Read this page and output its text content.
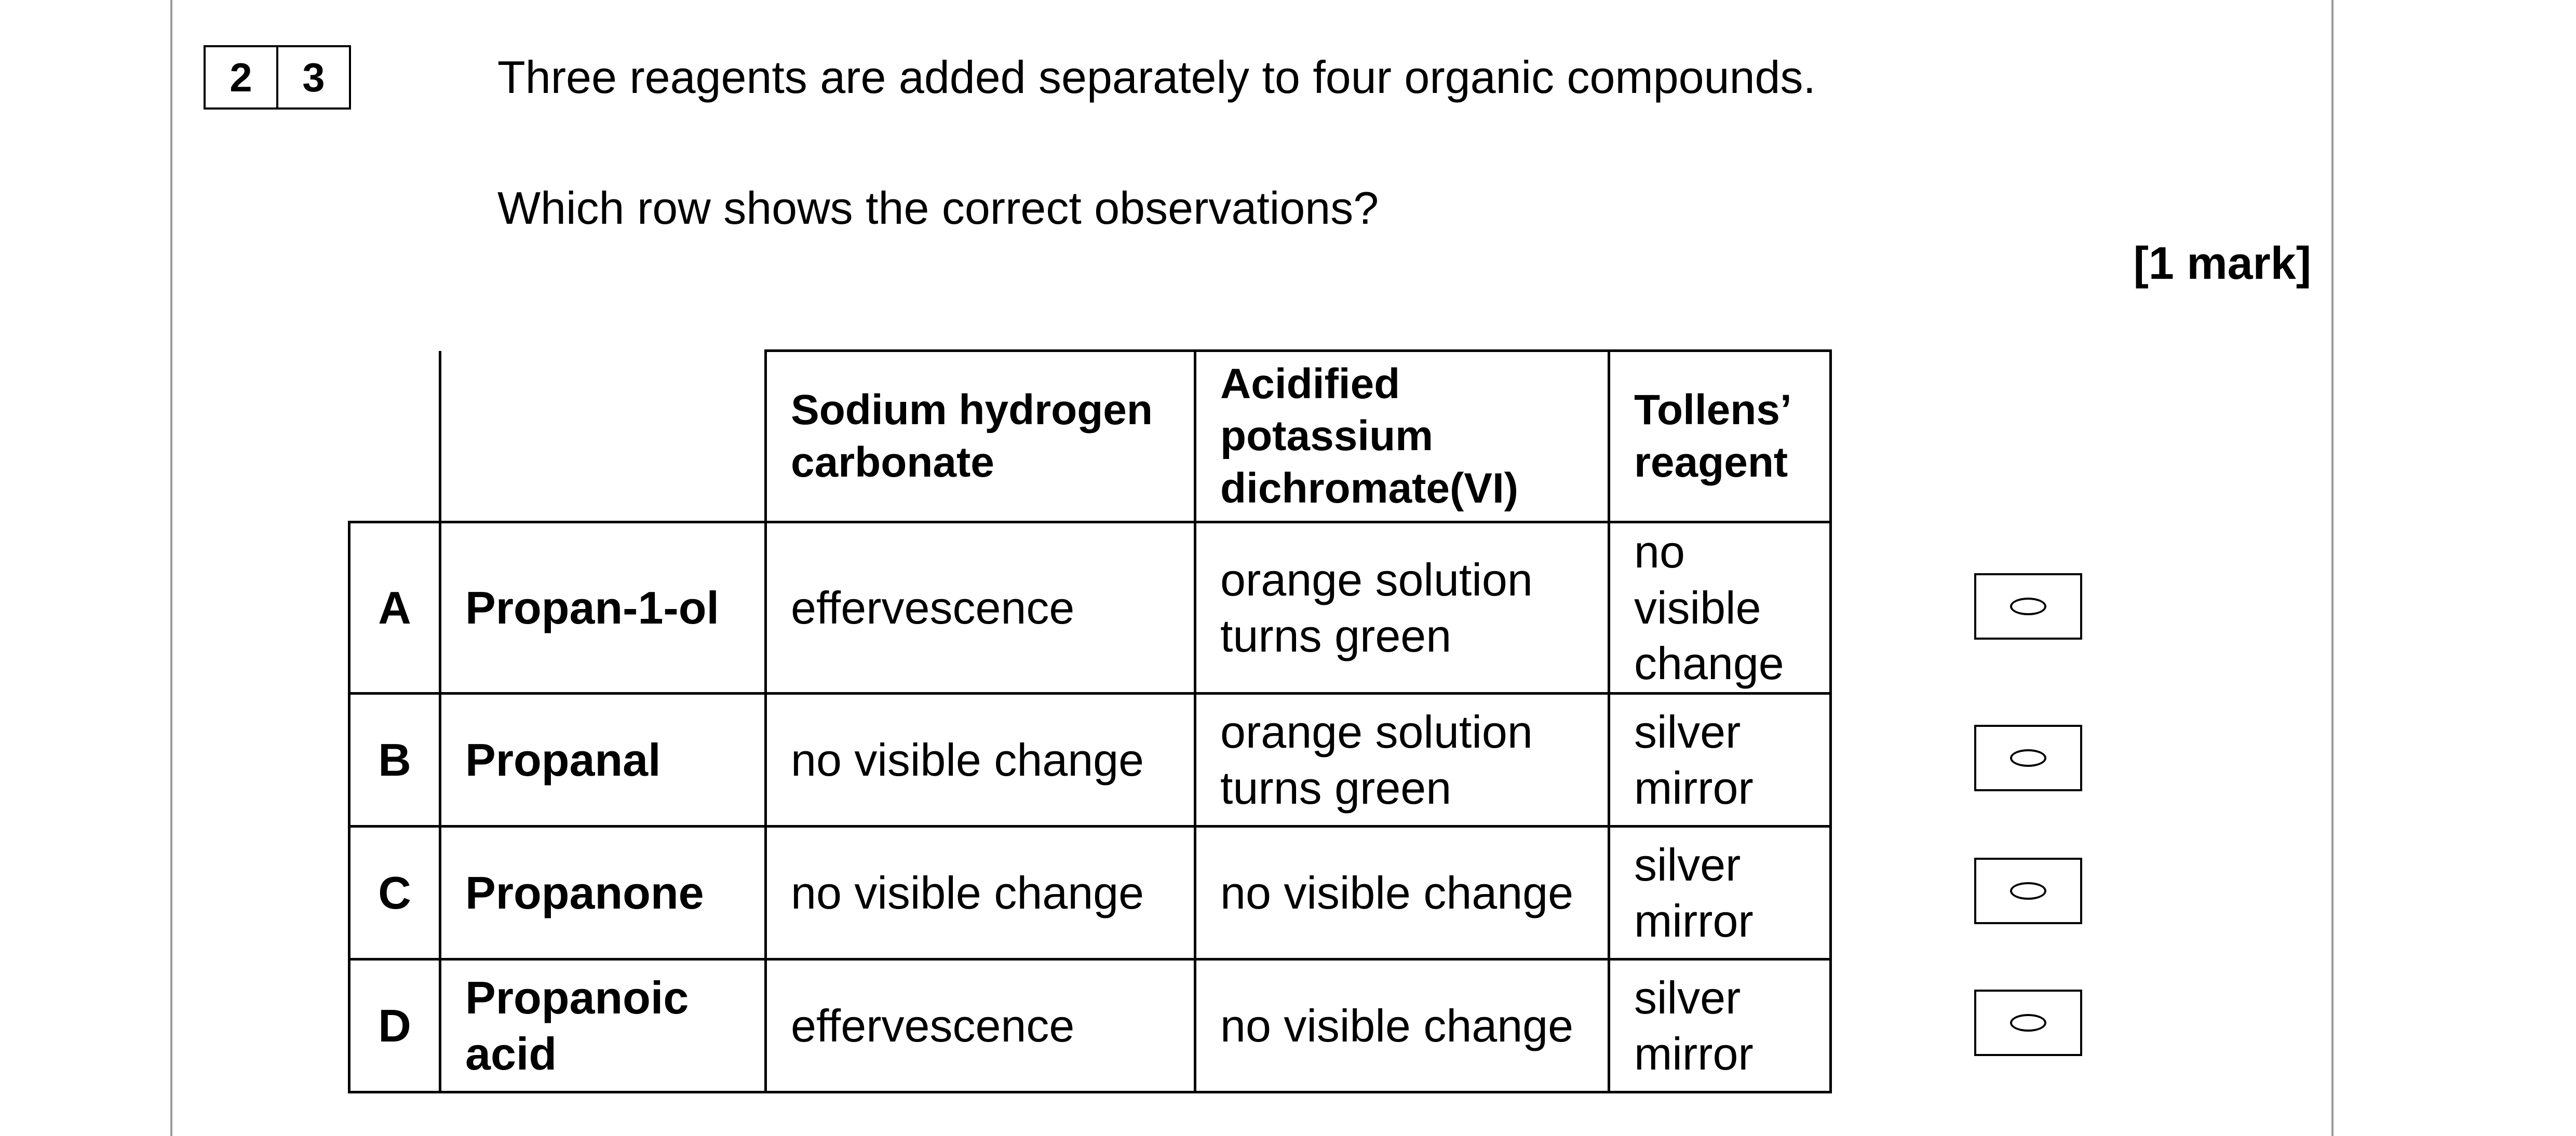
2	3	Three reagents are added separately to four organic compounds.
Which row shows the correct observations?
[1 mark]
		Sodium hydrogen carbonate	Acidified potassium dichromate(VI)	Tollens’ reagent
A	Propan-1-ol	effervescence	orange solution turns green	no visible change
B	Propanal	no visible change	orange solution turns green	silver mirror
C	Propanone	no visible change	no visible change	silver mirror
D	Propanoic acid	effervescence	no visible change	silver mirror
